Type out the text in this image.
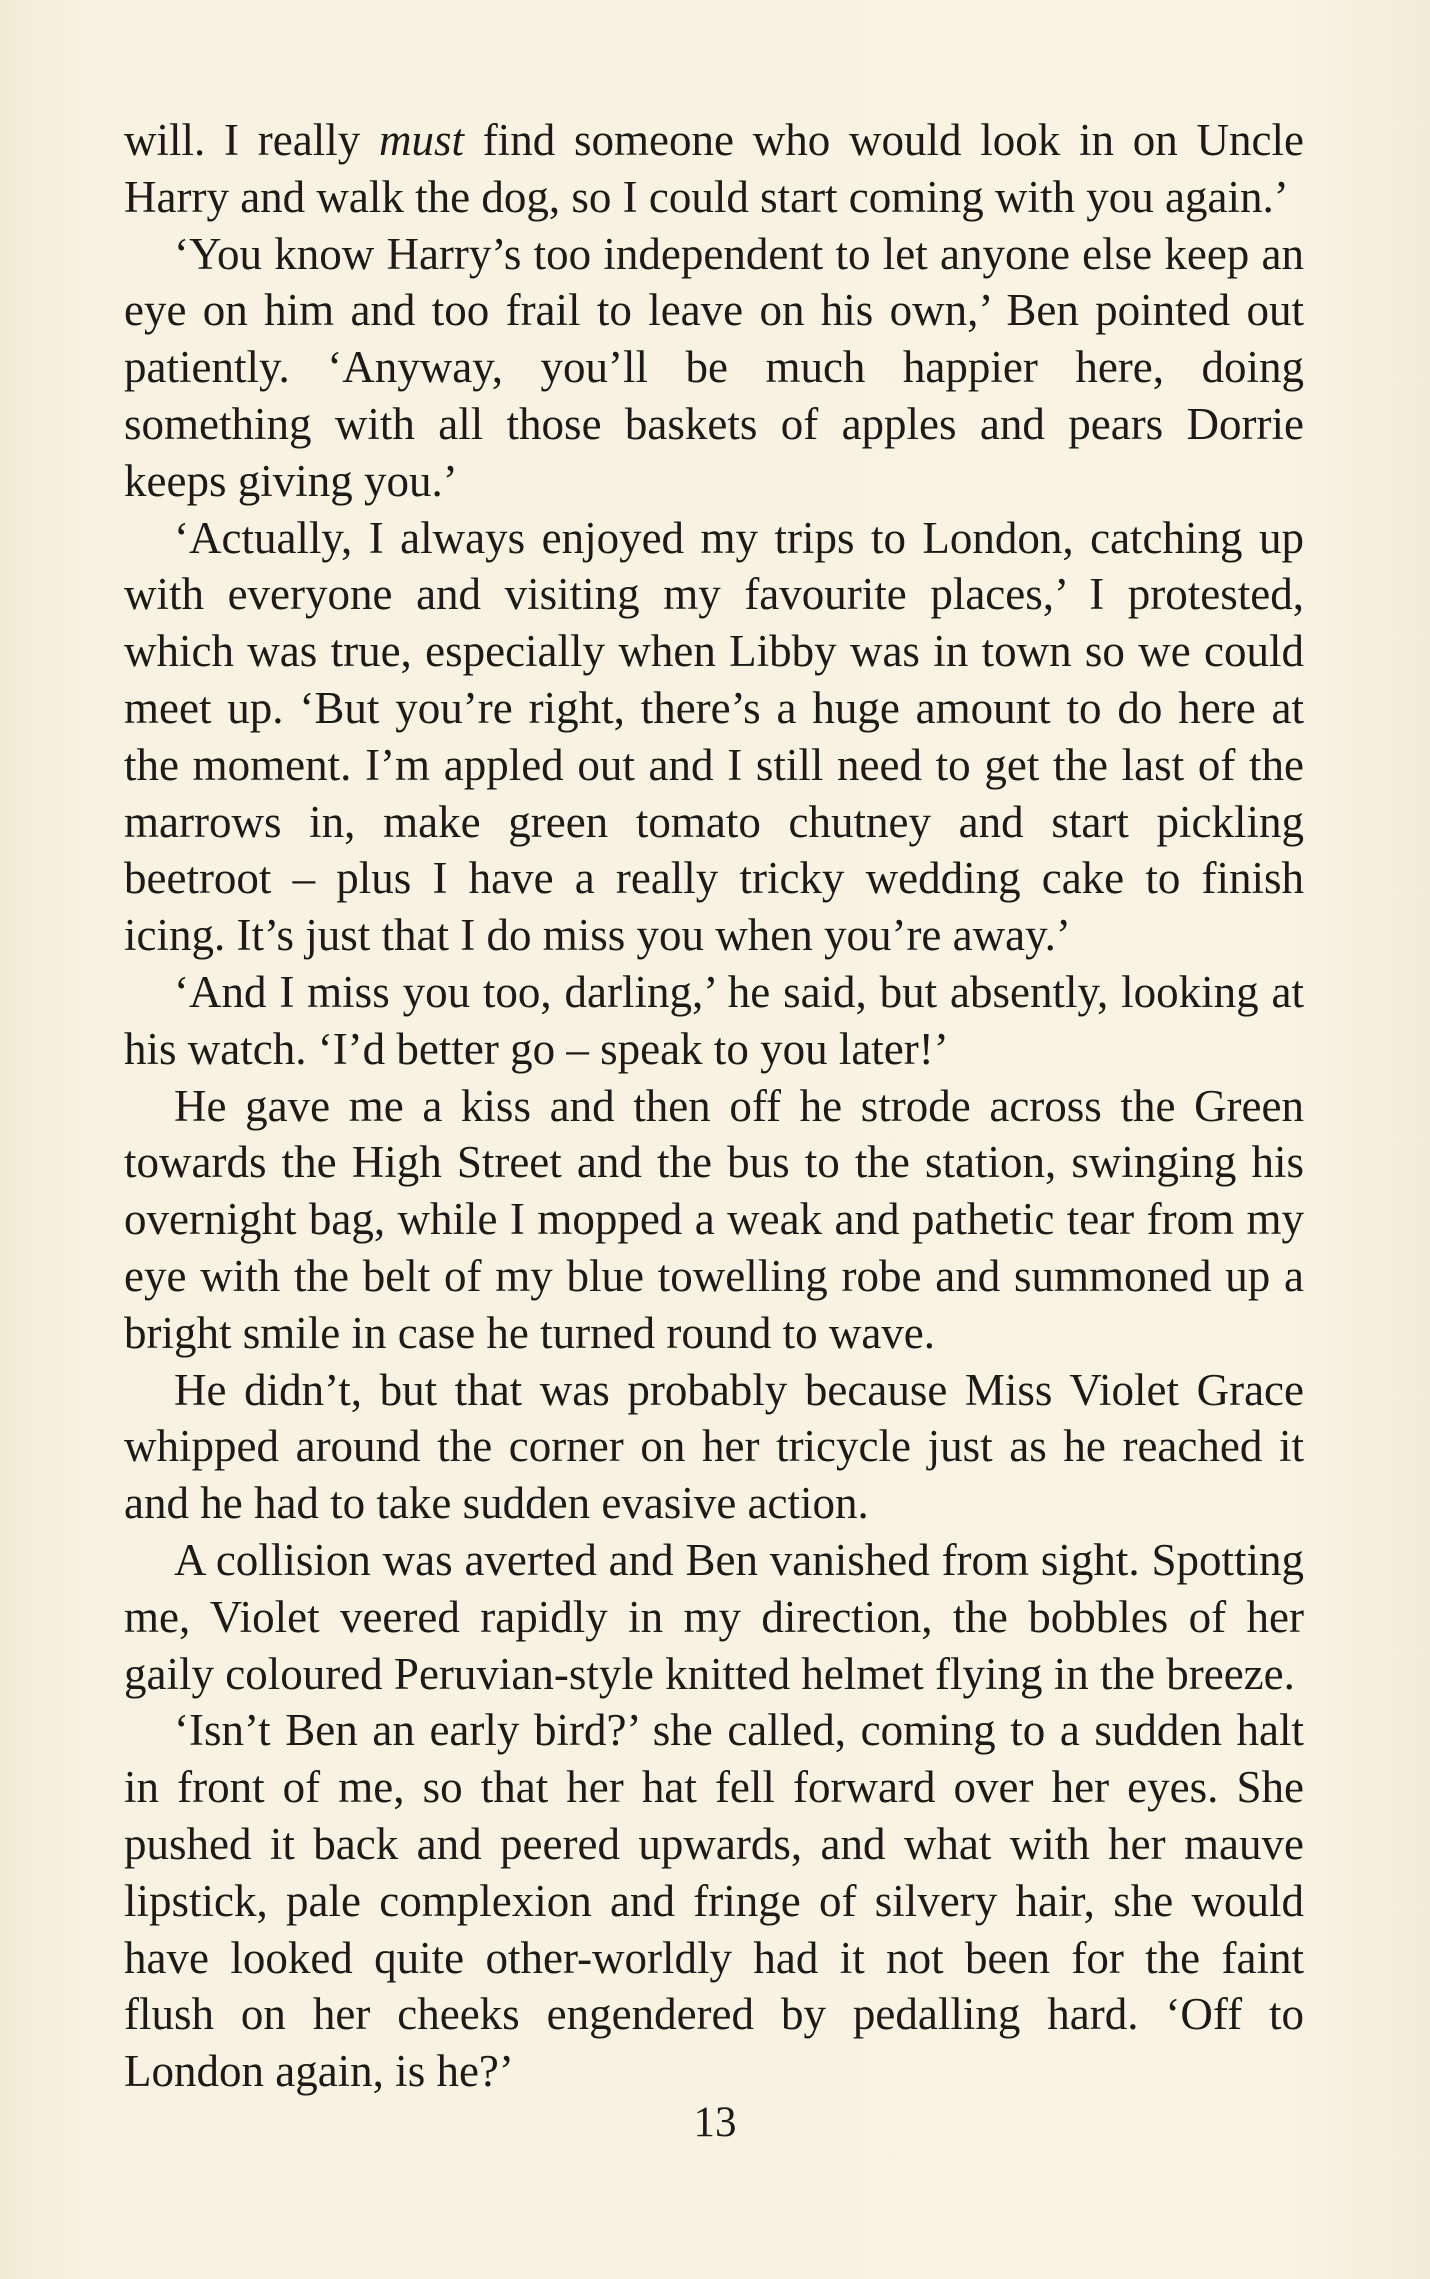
will. I really must find someone who would look in on Uncle Harry and walk the dog, so I could start coming with you again.’

‘You know Harry’s too independent to let anyone else keep an eye on him and too frail to leave on his own,’ Ben pointed out patiently. ‘Anyway, you’ll be much happier here, doing something with all those baskets of apples and pears Dorrie keeps giving you.’

‘Actually, I always enjoyed my trips to London, catching up with everyone and visiting my favourite places,’ I protested, which was true, especially when Libby was in town so we could meet up. ‘But you’re right, there’s a huge amount to do here at the moment. I’m appled out and I still need to get the last of the marrows in, make green tomato chutney and start pickling beetroot – plus I have a really tricky wedding cake to finish icing. It’s just that I do miss you when you’re away.’

‘And I miss you too, darling,’ he said, but absently, looking at his watch. ‘I’d better go – speak to you later!’

He gave me a kiss and then off he strode across the Green towards the High Street and the bus to the station, swinging his overnight bag, while I mopped a weak and pathetic tear from my eye with the belt of my blue towelling robe and summoned up a bright smile in case he turned round to wave.

He didn’t, but that was probably because Miss Violet Grace whipped around the corner on her tricycle just as he reached it and he had to take sudden evasive action.

A collision was averted and Ben vanished from sight. Spotting me, Violet veered rapidly in my direction, the bobbles of her gaily coloured Peruvian-style knitted helmet flying in the breeze.

‘Isn’t Ben an early bird?’ she called, coming to a sudden halt in front of me, so that her hat fell forward over her eyes. She pushed it back and peered upwards, and what with her mauve lipstick, pale complexion and fringe of silvery hair, she would have looked quite other-worldly had it not been for the faint flush on her cheeks engendered by pedalling hard. ‘Off to London again, is he?’

13
